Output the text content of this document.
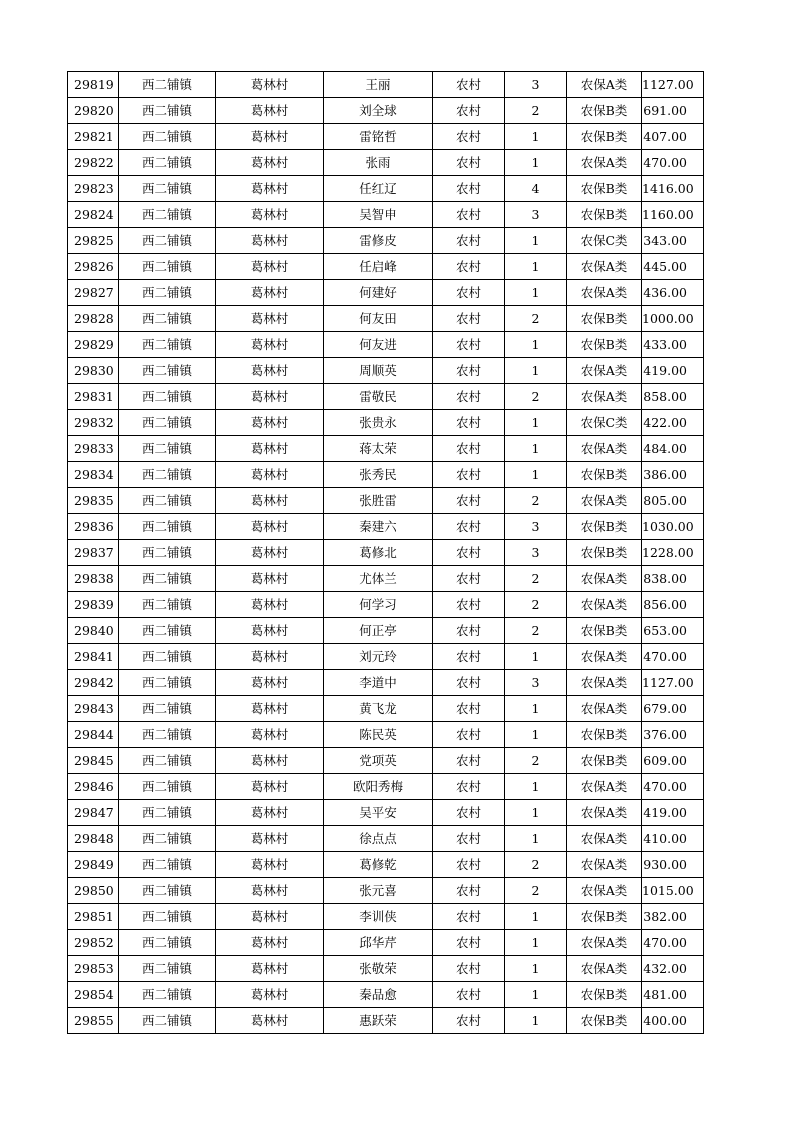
29819	西二铺镇	葛林村	王丽	农村	3	农保A类	1127.00
29820	西二铺镇	葛林村	刘全球	农村	2	农保B类	691.00
29821	西二铺镇	葛林村	雷铭哲	农村	1	农保B类	407.00
29822	西二铺镇	葛林村	张雨	农村	1	农保A类	470.00
29823	西二铺镇	葛林村	任红辽	农村	4	农保B类	1416.00
29824	西二铺镇	葛林村	吴智申	农村	3	农保B类	1160.00
29825	西二铺镇	葛林村	雷修皮	农村	1	农保C类	343.00
29826	西二铺镇	葛林村	任启峰	农村	1	农保A类	445.00
29827	西二铺镇	葛林村	何建好	农村	1	农保A类	436.00
29828	西二铺镇	葛林村	何友田	农村	2	农保B类	1000.00
29829	西二铺镇	葛林村	何友进	农村	1	农保B类	433.00
29830	西二铺镇	葛林村	周顺英	农村	1	农保A类	419.00
29831	西二铺镇	葛林村	雷敬民	农村	2	农保A类	858.00
29832	西二铺镇	葛林村	张贵永	农村	1	农保C类	422.00
29833	西二铺镇	葛林村	蒋太荣	农村	1	农保A类	484.00
29834	西二铺镇	葛林村	张秀民	农村	1	农保B类	386.00
29835	西二铺镇	葛林村	张胜雷	农村	2	农保A类	805.00
29836	西二铺镇	葛林村	秦建六	农村	3	农保B类	1030.00
29837	西二铺镇	葛林村	葛修北	农村	3	农保B类	1228.00
29838	西二铺镇	葛林村	尤体兰	农村	2	农保A类	838.00
29839	西二铺镇	葛林村	何学习	农村	2	农保A类	856.00
29840	西二铺镇	葛林村	何正亭	农村	2	农保B类	653.00
29841	西二铺镇	葛林村	刘元玲	农村	1	农保A类	470.00
29842	西二铺镇	葛林村	李道中	农村	3	农保A类	1127.00
29843	西二铺镇	葛林村	黄飞龙	农村	1	农保A类	679.00
29844	西二铺镇	葛林村	陈民英	农村	1	农保B类	376.00
29845	西二铺镇	葛林村	党项英	农村	2	农保B类	609.00
29846	西二铺镇	葛林村	欧阳秀梅	农村	1	农保A类	470.00
29847	西二铺镇	葛林村	吴平安	农村	1	农保A类	419.00
29848	西二铺镇	葛林村	徐点点	农村	1	农保A类	410.00
29849	西二铺镇	葛林村	葛修乾	农村	2	农保A类	930.00
29850	西二铺镇	葛林村	张元喜	农村	2	农保A类	1015.00
29851	西二铺镇	葛林村	李训侠	农村	1	农保B类	382.00
29852	西二铺镇	葛林村	邱华芹	农村	1	农保A类	470.00
29853	西二铺镇	葛林村	张敬荣	农村	1	农保A类	432.00
29854	西二铺镇	葛林村	秦品愈	农村	1	农保B类	481.00
29855	西二铺镇	葛林村	惠跃荣	农村	1	农保B类	400.00
